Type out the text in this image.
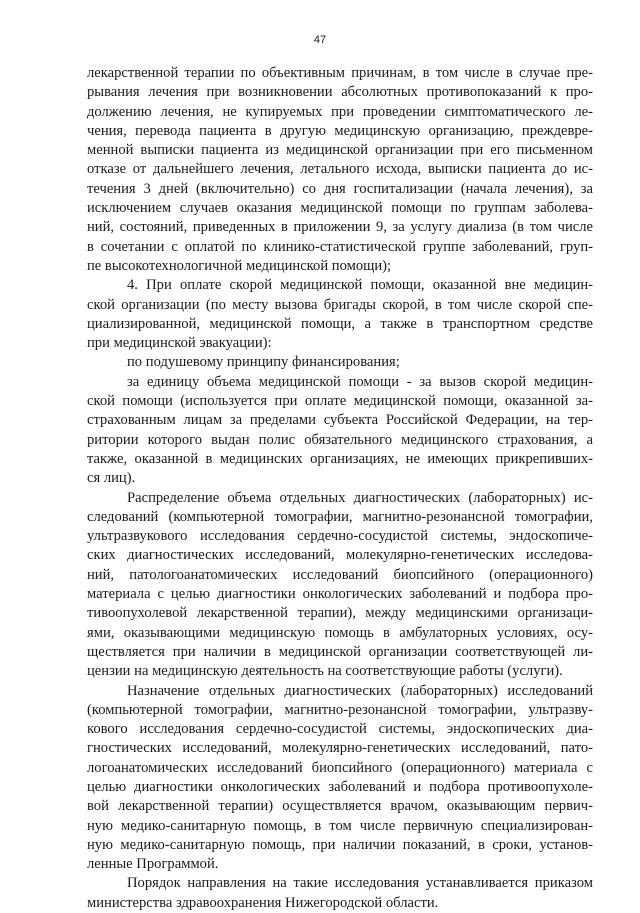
47
лекарственной терапии по объективным причинам, в том числе в случае пре-
рывания лечения при возникновении абсолютных противопоказаний к про-
должению лечения, не купируемых при проведении симптоматического ле-
чения, перевода пациента в другую медицинскую организацию, преждевре-
менной выписки пациента из медицинской организации при его письменном
отказе от дальнейшего лечения, летального исхода, выписки пациента до ис-
течения 3 дней (включительно) со дня госпитализации (начала лечения), за
исключением случаев оказания медицинской помощи по группам заболева-
ний, состояний, приведенных в приложении 9, за услугу диализа (в том числе
в сочетании с оплатой по клинико-статистической группе заболеваний, груп-
пе высокотехнологичной медицинской помощи);
4. При оплате скорой медицинской помощи, оказанной вне медицин-
ской организации (по месту вызова бригады скорой, в том числе скорой спе-
циализированной, медицинской помощи, а также в транспортном средстве
при медицинской эвакуации):
по подушевому принципу финансирования;
за единицу объема медицинской помощи - за вызов скорой медицин-
ской помощи (используется при оплате медицинской помощи, оказанной за-
страхованным лицам за пределами субъекта Российской Федерации, на тер-
ритории которого выдан полис обязательного медицинского страхования, а
также, оказанной в медицинских организациях, не имеющих прикрепивших-
ся лиц).
Распределение объема отдельных диагностических (лабораторных) ис-
следований (компьютерной томографии, магнитно-резонансной томографии,
ультразвукового исследования сердечно-сосудистой системы, эндоскопиче-
ских диагностических исследований, молекулярно-генетических исследова-
ний, патологоанатомических исследований биопсийного (операционного)
материала с целью диагностики онкологических заболеваний и подбора про-
тивоопухолевой лекарственной терапии), между медицинскими организаци-
ями, оказывающими медицинскую помощь в амбулаторных условиях, осу-
ществляется при наличии в медицинской организации соответствующей ли-
цензии на медицинскую деятельность на соответствующие работы (услуги).
Назначение отдельных диагностических (лабораторных) исследований
(компьютерной томографии, магнитно-резонансной томографии, ультразву-
кового исследования сердечно-сосудистой системы, эндоскопических диа-
гностических исследований, молекулярно-генетических исследований, пато-
логоанатомических исследований биопсийного (операционного) материала с
целью диагностики онкологических заболеваний и подбора противоопухоле-
вой лекарственной терапии) осуществляется врачом, оказывающим первич-
ную медико-санитарную помощь, в том числе первичную специализирован-
ную медико-санитарную помощь, при наличии показаний, в сроки, установ-
ленные Программой.
Порядок направления на такие исследования устанавливается приказом
министерства здравоохранения Нижегородской области.
